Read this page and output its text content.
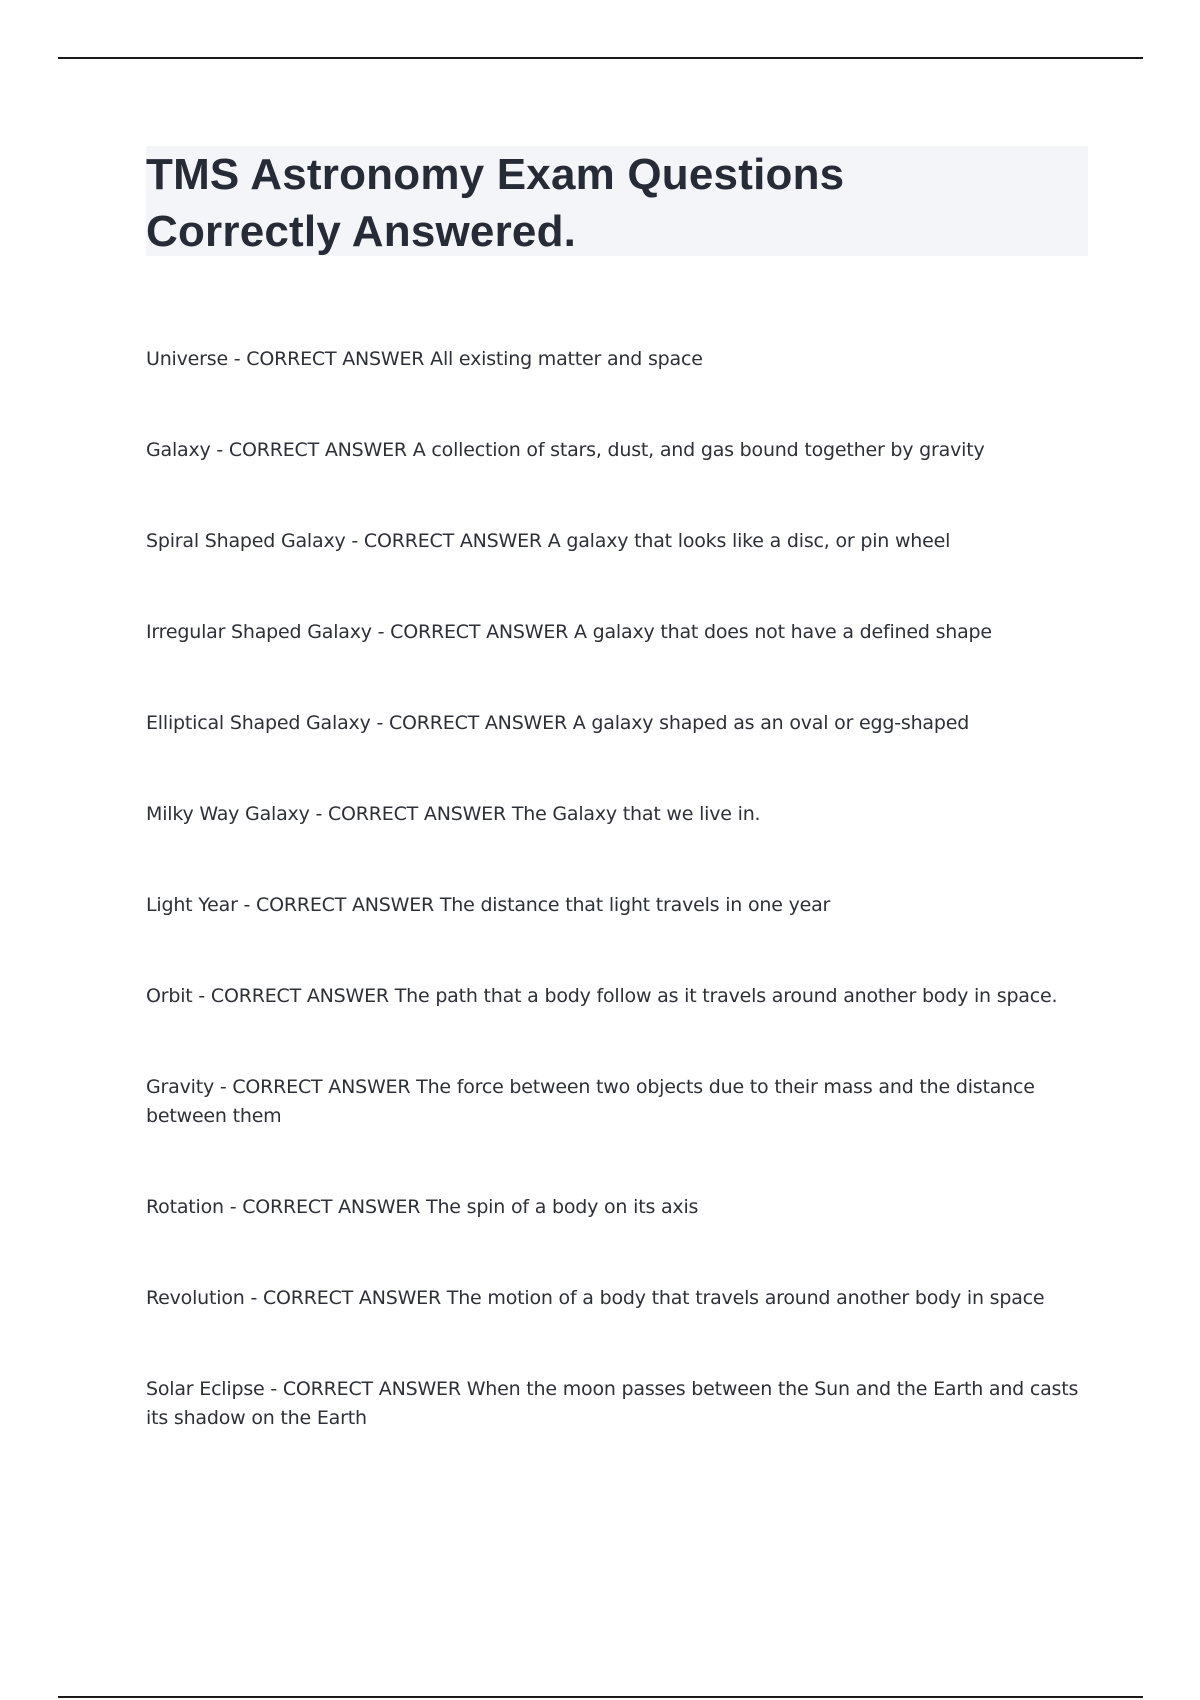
TMS Astronomy Exam Questions
Correctly Answered.
Universe - CORRECT ANSWER All existing matter and space
Galaxy - CORRECT ANSWER A collection of stars, dust, and gas bound together by gravity
Spiral Shaped Galaxy - CORRECT ANSWER A galaxy that looks like a disc, or pin wheel
Irregular Shaped Galaxy - CORRECT ANSWER A galaxy that does not have a defined shape
Elliptical Shaped Galaxy - CORRECT ANSWER A galaxy shaped as an oval or egg-shaped
Milky Way Galaxy - CORRECT ANSWER The Galaxy that we live in.
Light Year - CORRECT ANSWER The distance that light travels in one year
Orbit - CORRECT ANSWER The path that a body follow as it travels around another body in space.
Gravity - CORRECT ANSWER The force between two objects due to their mass and the distance between them
Rotation - CORRECT ANSWER The spin of a body on its axis
Revolution - CORRECT ANSWER The motion of a body that travels around another body in space
Solar Eclipse - CORRECT ANSWER When the moon passes between the Sun and the Earth and casts its shadow on the Earth
